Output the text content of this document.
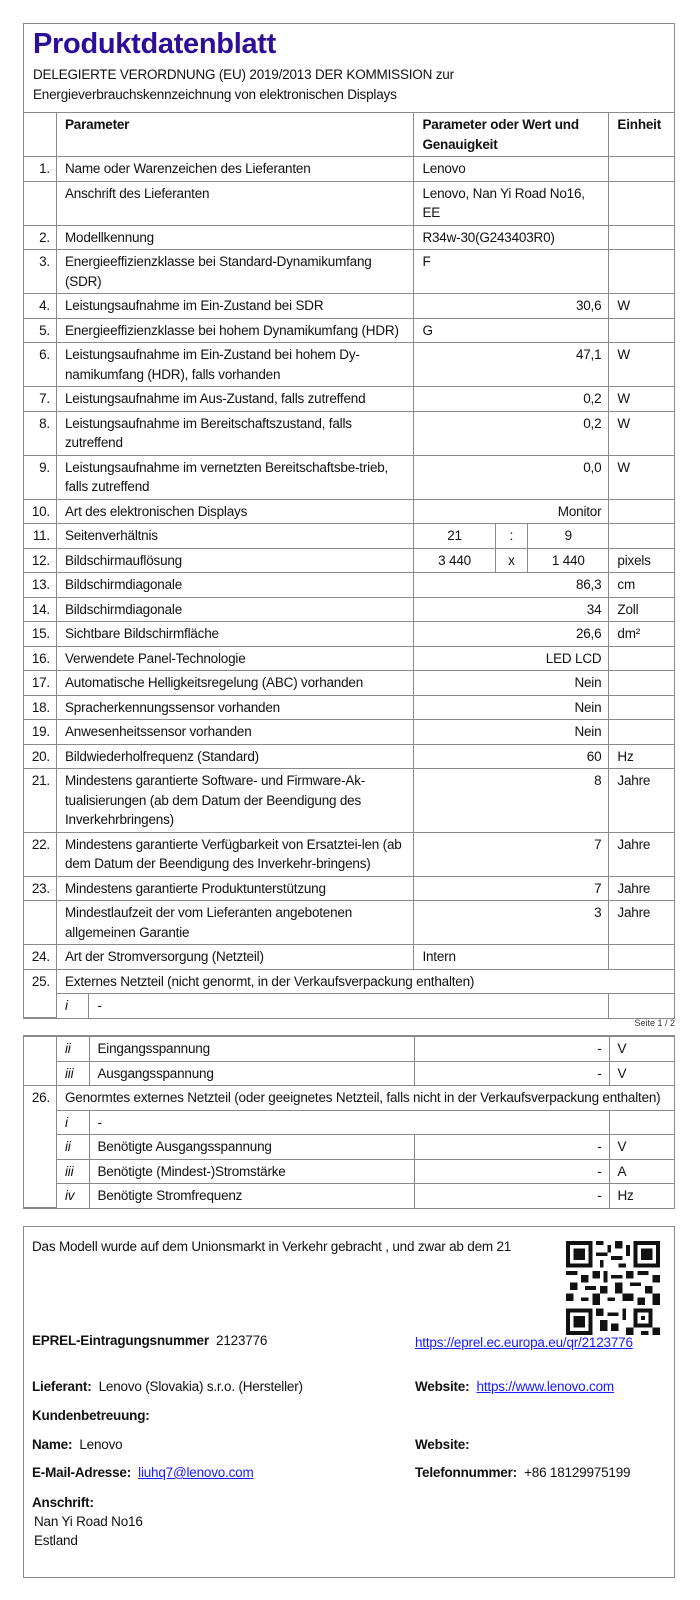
Produktdatenblatt
DELEGIERTE VERORDNUNG (EU) 2019/2013 DER KOMMISSION zur
Energieverbrauchskennzeichnung von elektronischen Displays
	Parameter		Parameter oder Wert und Genauigkeit			Einheit
1.	Name oder Warenzeichen des Lieferanten		Lenovo			
	Anschrift des Lieferanten		Lenovo, Nan Yi Road No16, EE			
2.	Modellkennung		R34w-30(G243403R0)			
3.	Energieeffizienzklasse bei Standard-Dynamikumfang (SDR)		F			
4.	Leistungsaufnahme im Ein-Zustand bei SDR		30,6			W
5.	Energieeffizienzklasse bei hohem Dynamikumfang (HDR)		G			
6.	Leistungsaufnahme im Ein-Zustand bei hohem Dy-namikumfang (HDR), falls vorhanden		47,1			W
7.	Leistungsaufnahme im Aus-Zustand, falls zutreffend		0,2			W
8.	Leistungsaufnahme im Bereitschaftszustand, falls zutreffend		0,2			W
9.	Leistungsaufnahme im vernetzten Bereitschaftsbe-trieb, falls zutreffend		0,0			W
10.	Art des elektronischen Displays		Monitor			
11.	Seitenverhältnis		21	:	9	
12.	Bildschirmauflösung		3 440	x	1 440	pixels
13.	Bildschirmdiagonale		86,3			cm
14.	Bildschirmdiagonale		34			Zoll
15.	Sichtbare Bildschirmfläche		26,6			dm²
16.	Verwendete Panel-Technologie		LED LCD			
17.	Automatische Helligkeitsregelung (ABC) vorhanden		Nein			
18.	Spracherkennungssensor vorhanden		Nein			
19.	Anwesenheitssensor vorhanden		Nein			
20.	Bildwiederholfrequenz (Standard)		60			Hz
21.	Mindestens garantierte Software- und Firmware-Ak-tualisierungen (ab dem Datum der Beendigung des Inverkehrbringens)		8			Jahre
22.	Mindestens garantierte Verfügbarkeit von Ersatztei-len (ab dem Datum der Beendigung des Inverkehr-bringens)		7			Jahre
23.	Mindestens garantierte Produktunterstützung		7			Jahre
	Mindestlaufzeit der vom Lieferanten angebotenen allgemeinen Garantie		3			Jahre
24.	Art der Stromversorgung (Netzteil)		Intern			
25.	Externes Netzteil (nicht genormt, in der Verkaufsverpackung enthalten)					
	i	-				
Seite 1 / 2
	ii	Eingangsspannung	-	V
	iii	Ausgangsspannung	-	V
26.	Genormtes externes Netzteil (oder geeignetes Netzteil, falls nicht in der Verkaufsverpackung enthalten)			
	i	-		
	ii	Benötigte Ausgangsspannung	-	V
	iii	Benötigte (Mindest-)Stromstärke	-	A
	iv	Benötigte Stromfrequenz	-	Hz
Das Modell wurde auf dem Unionsmarkt in Verkehr gebracht , und zwar ab dem 21
EPREL-Eintragungsnummer 2123776	https://eprel.ec.europa.eu/qr/2123776
Lieferant: Lenovo (Slovakia) s.r.o. (Hersteller)	Website: https://www.lenovo.com
Kundenbetreuung:
Name: Lenovo	Website:
E-Mail-Adresse: liuhq7@lenovo.com	Telefonnummer: +86 18129975199
Anschrift:
Nan Yi Road No16
Estland
